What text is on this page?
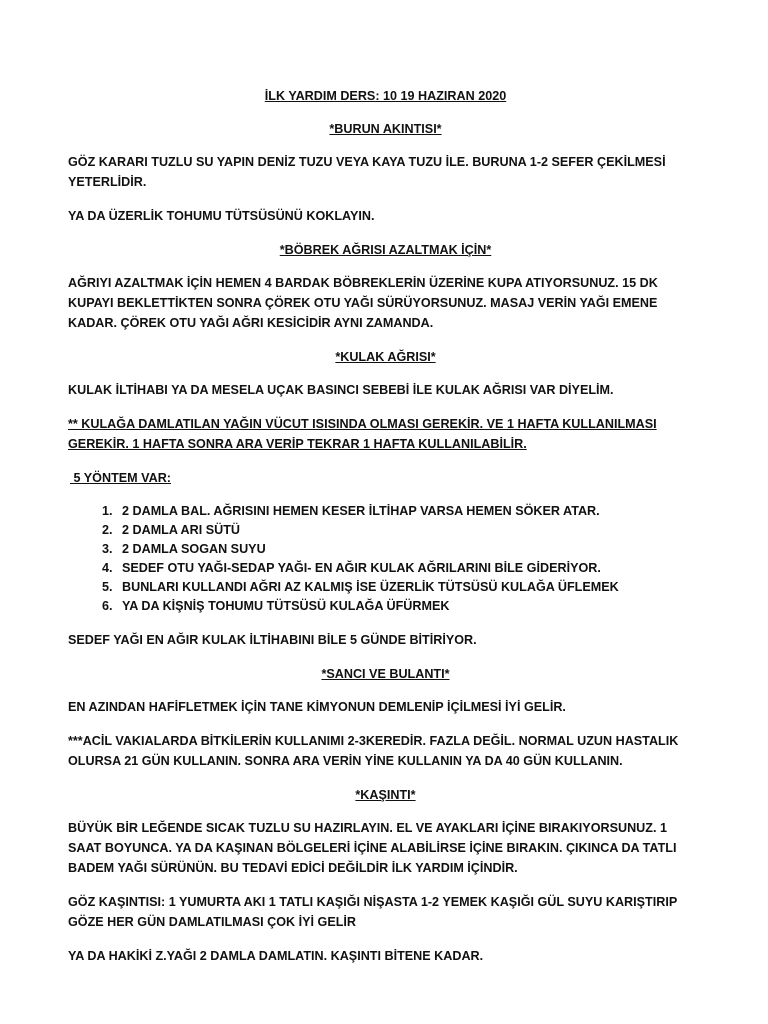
İLK YARDIM DERS: 10 19 HAZIRAN 2020

*BURUN AKINTISI*

GÖZ KARARI TUZLU SU YAPIN DENİZ TUZU VEYA KAYA TUZU İLE. BURUNA 1-2 SEFER ÇEKİLMESİ YETERLİDİR.

YA DA ÜZERLİK TOHUMU TÜTSÜSÜNÜ KOKLAYIN.

*BÖBREK AĞRISI AZALTMAK İÇİN*

AĞRIYI AZALTMAK İÇİN HEMEN 4 BARDAK BÖBREKLERİN ÜZERİNE KUPA ATIYORSUNUZ. 15 DK KUPAYI BEKLETTİKTEN SONRA ÇÖREK OTU YAĞI SÜRÜYORSUNUZ. MASAJ VERİN YAĞI EMENE KADAR. ÇÖREK OTU YAĞI AĞRI KESİCİDİR AYNI ZAMANDA.

*KULAK AĞRISI*

KULAK İLTİHABI YA DA MESELA UÇAK BASINCI SEBEBİ İLE KULAK AĞRISI VAR DİYELİM.

** KULAĞA DAMLATILAN YAĞIN VÜCUT ISISINDA OLMASI GEREKİR. VE 1 HAFTA KULLANILMASI GEREKİR. 1 HAFTA SONRA ARA VERİP TEKRAR 1 HAFTA KULLANILABİLİR.

5 YÖNTEM VAR:

1. 2 DAMLA BAL. AĞRISINI HEMEN KESER İLTİHAP VARSA HEMEN SÖKER ATAR.
2. 2 DAMLA ARI SÜTÜ
3. 2 DAMLA SOGAN SUYU
4. SEDEF OTU YAĞI-SEDAP YAĞI- EN AĞIR KULAK AĞRILARINI BİLE GİDERİYOR.
5. BUNLARI KULLANDI AĞRI AZ KALMIŞ İSE ÜZERLİK TÜTSÜSÜ KULAĞA ÜFLEMEK
6. YA DA KİŞNİŞ TOHUMU TÜTSÜSÜ KULAĞA ÜFÜRMEK

SEDEF YAĞI EN AĞIR KULAK İLTİHABINI BİLE 5 GÜNDE BİTİRİYOR.

*SANCI VE BULANTI*

EN AZINDAN HAFİFLETMEK İÇİN TANE KİMYONUN DEMLENİP İÇİLMESİ İYİ GELİR.

***ACİL VAKIALARDA BİTKİLERİN KULLANIMI 2-3KEREDİR. FAZLA DEĞİL. NORMAL UZUN HASTALIK OLURSA 21 GÜN KULLANIN. SONRA ARA VERİN YİNE KULLANIN YA DA 40 GÜN KULLANIN.

*KAŞINTI*

BÜYÜK BİR LEĞENDE SICAK TUZLU SU HAZIRLAYIN. EL VE AYAKLARI İÇİNE BIRAKIYORSUNUZ. 1 SAAT BOYUNCA. YA DA KAŞINAN BÖLGELERİ İÇİNE ALABİLİRSE İÇİNE BIRAKIN. ÇIKINCA DA TATLI BADEM YAĞI SÜRÜNÜN. BU TEDAVİ EDİCİ DEĞİLDİR İLK YARDIM İÇİNDİR.

GÖZ KAŞINTISI: 1 YUMURTA AKI 1 TATLI KAŞIĞI NİŞASTA 1-2 YEMEK KAŞIĞI GÜL SUYU KARIŞTIRIP GÖZE HER GÜN DAMLATILMASI ÇOK İYİ GELİR

YA DA HAKİKİ Z.YAĞI 2 DAMLA DAMLATIN. KAŞINTI BİTENE KADAR.
